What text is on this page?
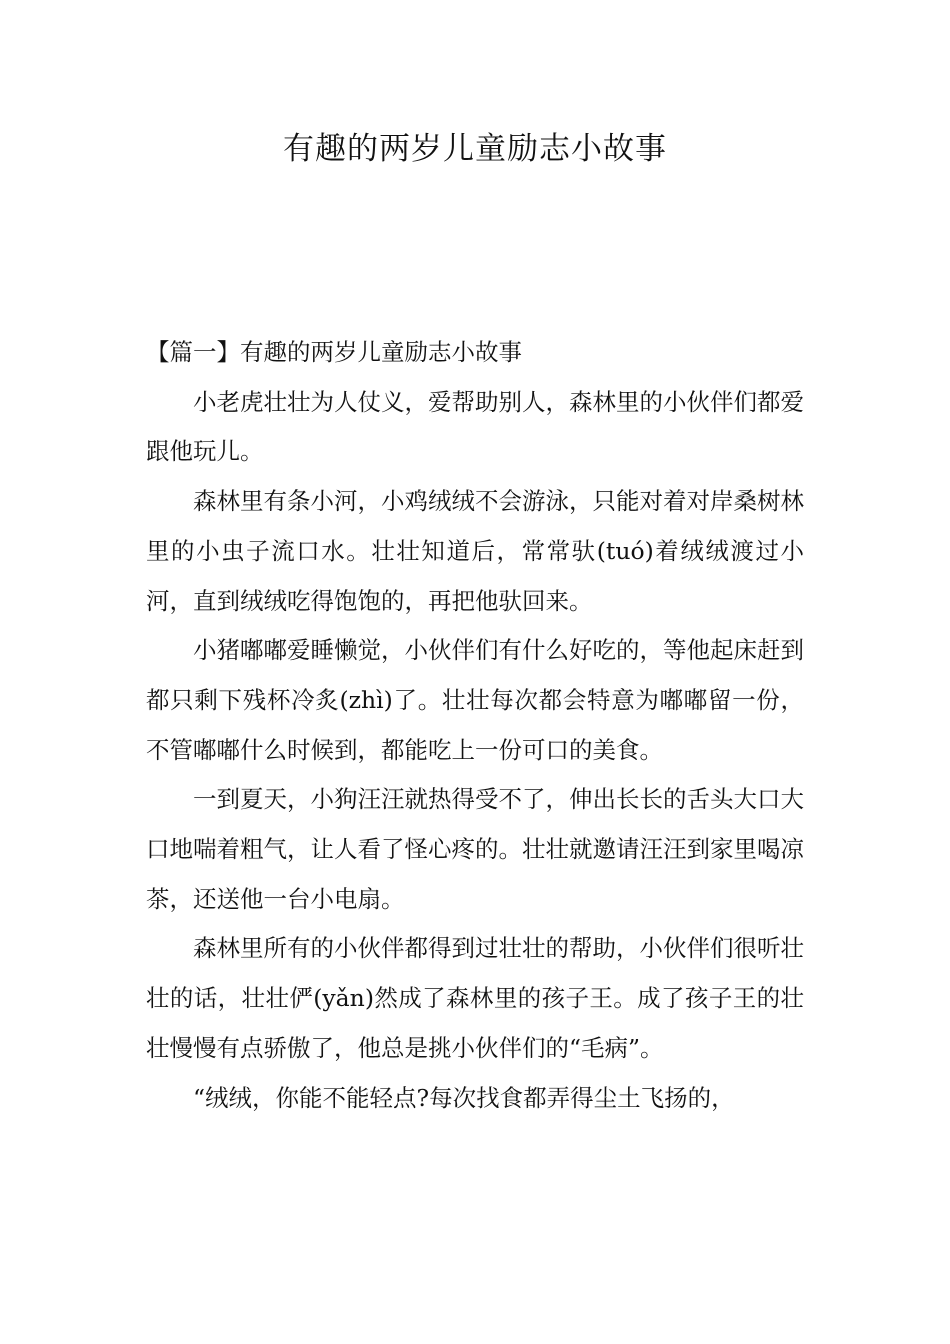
有趣的两岁儿童励志小故事

【篇一】有趣的两岁儿童励志小故事

小老虎壮壮为人仗义，爱帮助别人，森林里的小伙伴们都爱跟他玩儿。

森林里有条小河，小鸡绒绒不会游泳，只能对着对岸桑树林里的小虫子流口水。壮壮知道后，常常驮(tuó)着绒绒渡过小河，直到绒绒吃得饱饱的，再把他驮回来。

小猪嘟嘟爱睡懒觉，小伙伴们有什么好吃的，等他起床赶到都只剩下残杯冷炙(zhì)了。壮壮每次都会特意为嘟嘟留一份，不管嘟嘟什么时候到，都能吃上一份可口的美食。

一到夏天，小狗汪汪就热得受不了，伸出长长的舌头大口大口地喘着粗气，让人看了怪心疼的。壮壮就邀请汪汪到家里喝凉茶，还送他一台小电扇。

森林里所有的小伙伴都得到过壮壮的帮助，小伙伴们很听壮壮的话，壮壮俨(yǎn)然成了森林里的孩子王。成了孩子王的壮壮慢慢有点骄傲了，他总是挑小伙伴们的“毛病”。

“绒绒，你能不能轻点?每次找食都弄得尘土飞扬的，
